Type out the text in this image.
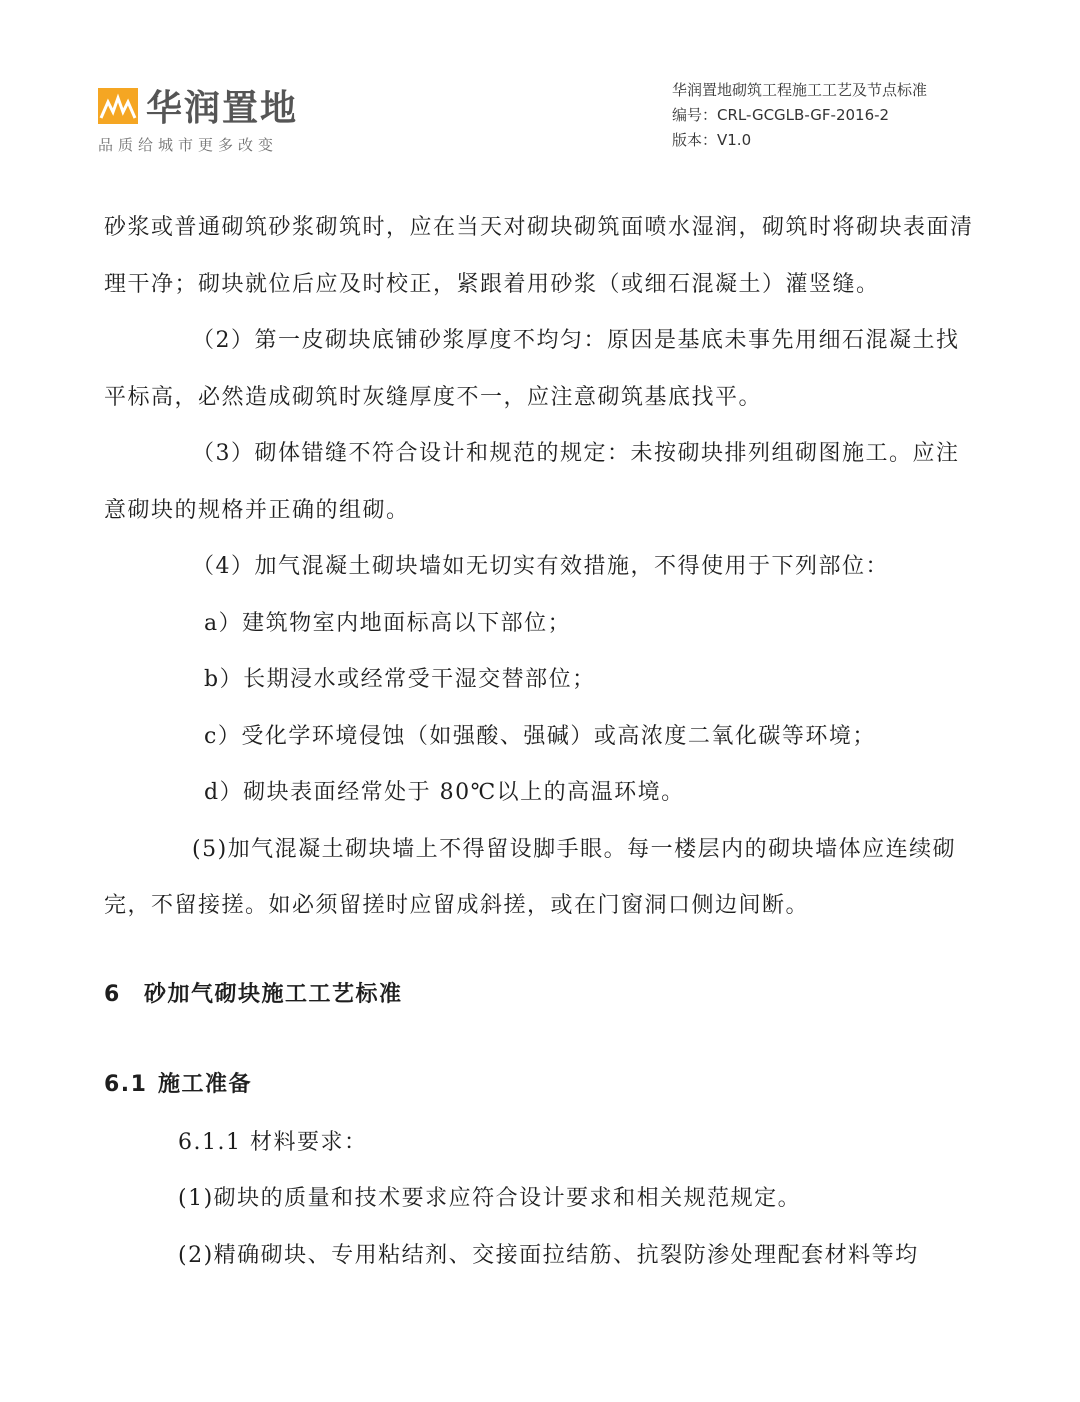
华润置地
品质给城市更多改变
华润置地砌筑工程施工工艺及节点标准
编号：CRL-GCGLB-GF-2016-2
版本：V1.0

砂浆或普通砌筑砂浆砌筑时，应在当天对砌块砌筑面喷水湿润，砌筑时将砌块表面清理干净；砌块就位后应及时校正，紧跟着用砂浆（或细石混凝土）灌竖缝。

（2）第一皮砌块底铺砂浆厚度不均匀：原因是基底未事先用细石混凝土找平标高，必然造成砌筑时灰缝厚度不一，应注意砌筑基底找平。

（3）砌体错缝不符合设计和规范的规定：未按砌块排列组砌图施工。应注意砌块的规格并正确的组砌。

（4）加气混凝土砌块墙如无切实有效措施，不得使用于下列部位：

a）建筑物室内地面标高以下部位；

b）长期浸水或经常受干湿交替部位；

c）受化学环境侵蚀（如强酸、强碱）或高浓度二氧化碳等环境；

d）砌块表面经常处于 80℃以上的高温环境。

(5)加气混凝土砌块墙上不得留设脚手眼。每一楼层内的砌块墙体应连续砌完，不留接搓。如必须留搓时应留成斜搓，或在门窗洞口侧边间断。

6 砂加气砌块施工工艺标准
6.1 施工准备

6.1.1 材料要求：

(1)砌块的质量和技术要求应符合设计要求和相关规范规定。

(2)精确砌块、专用粘结剂、交接面拉结筋、抗裂防渗处理配套材料等均
